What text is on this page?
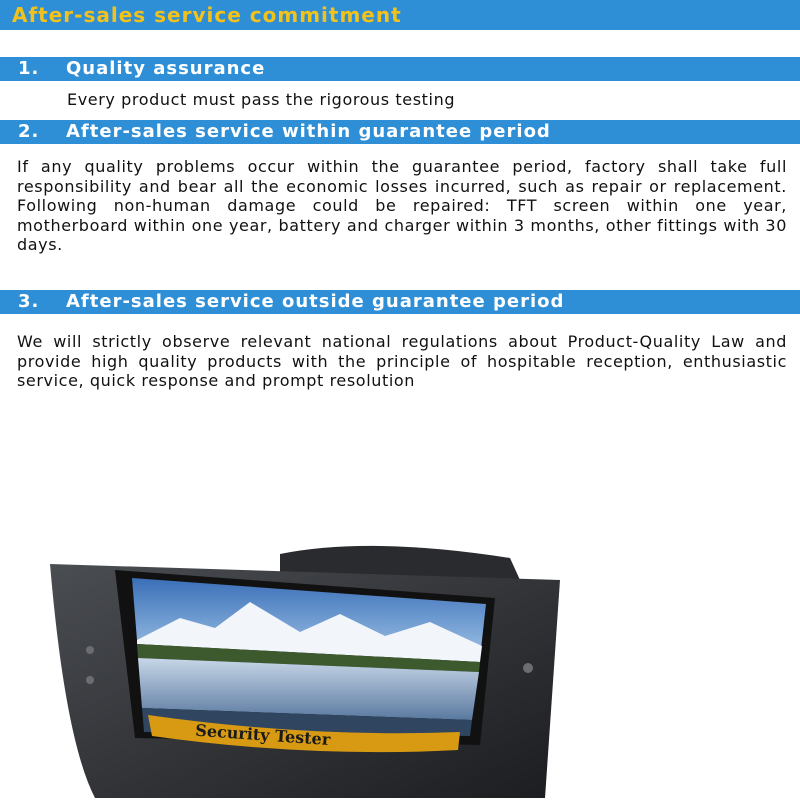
After-sales service commitment
1. Quality assurance
Every product must pass the rigorous testing
2. After-sales service within guarantee period
If any quality problems occur within the guarantee period, factory shall take full responsibility and bear all the economic losses incurred, such as repair or replacement. Following non-human damage could be repaired: TFT screen within one year, motherboard within one year, battery and charger within 3 months, other fittings with 30 days.
3. After-sales service outside guarantee period
We will strictly observe relevant national regulations about Product-Quality Law and provide high quality products with the principle of hospitable reception, enthusiastic service, quick response and prompt resolution
Security Tester
